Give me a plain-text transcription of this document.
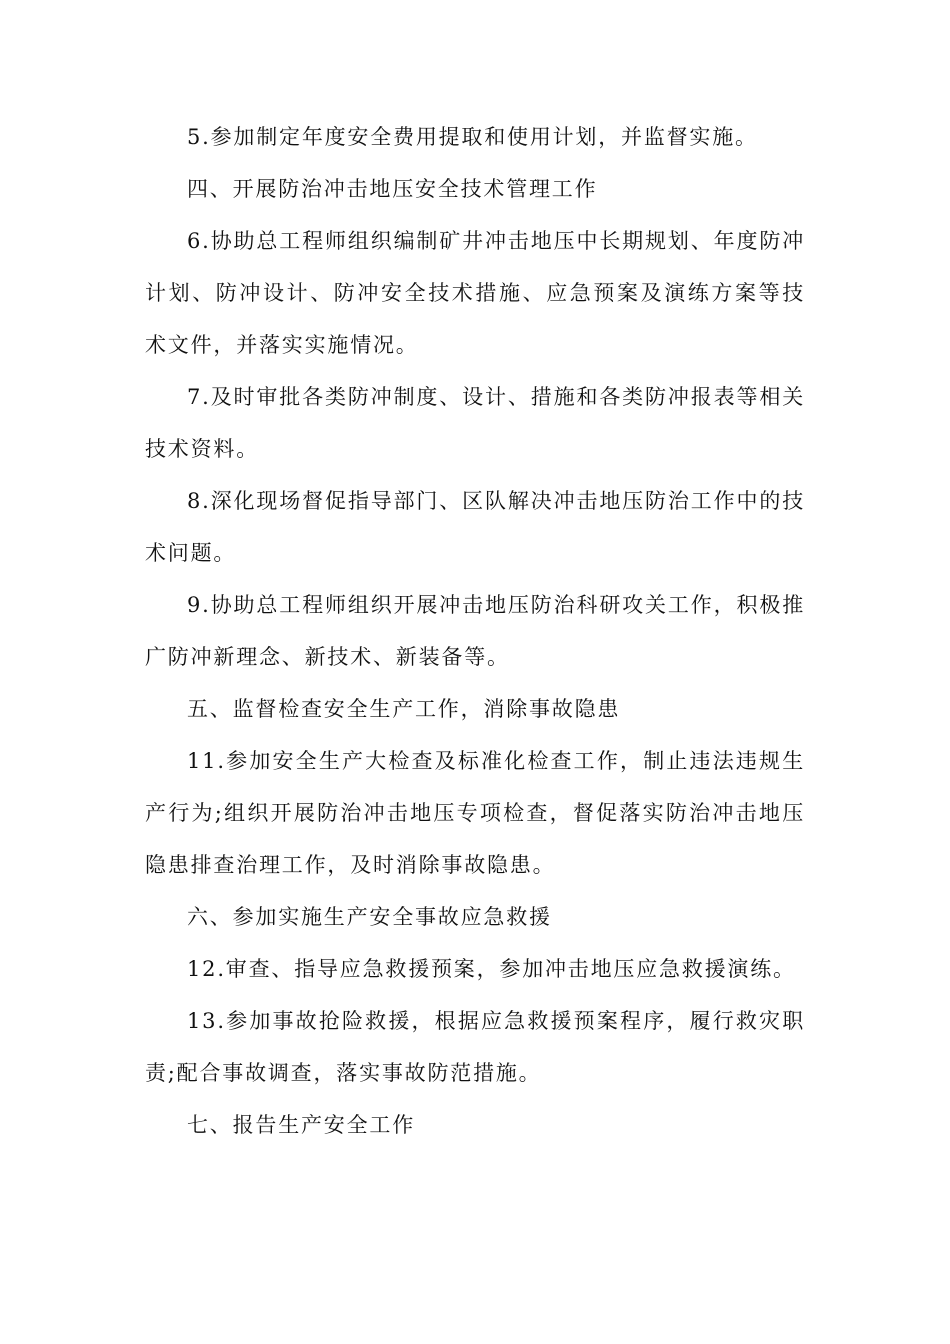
5.参加制定年度安全费用提取和使用计划，并监督实施。

四、开展防治冲击地压安全技术管理工作

6.协助总工程师组织编制矿井冲击地压中长期规划、年度防冲计划、防冲设计、防冲安全技术措施、应急预案及演练方案等技术文件，并落实实施情况。

7.及时审批各类防冲制度、设计、措施和各类防冲报表等相关技术资料。

8.深化现场督促指导部门、区队解决冲击地压防治工作中的技术问题。

9.协助总工程师组织开展冲击地压防治科研攻关工作，积极推广防冲新理念、新技术、新装备等。

五、监督检查安全生产工作，消除事故隐患

11.参加安全生产大检查及标准化检查工作，制止违法违规生产行为;组织开展防治冲击地压专项检查，督促落实防治冲击地压隐患排查治理工作，及时消除事故隐患。

六、参加实施生产安全事故应急救援

12.审查、指导应急救援预案，参加冲击地压应急救援演练。

13.参加事故抢险救援，根据应急救援预案程序，履行救灾职责;配合事故调查，落实事故防范措施。

七、报告生产安全工作
